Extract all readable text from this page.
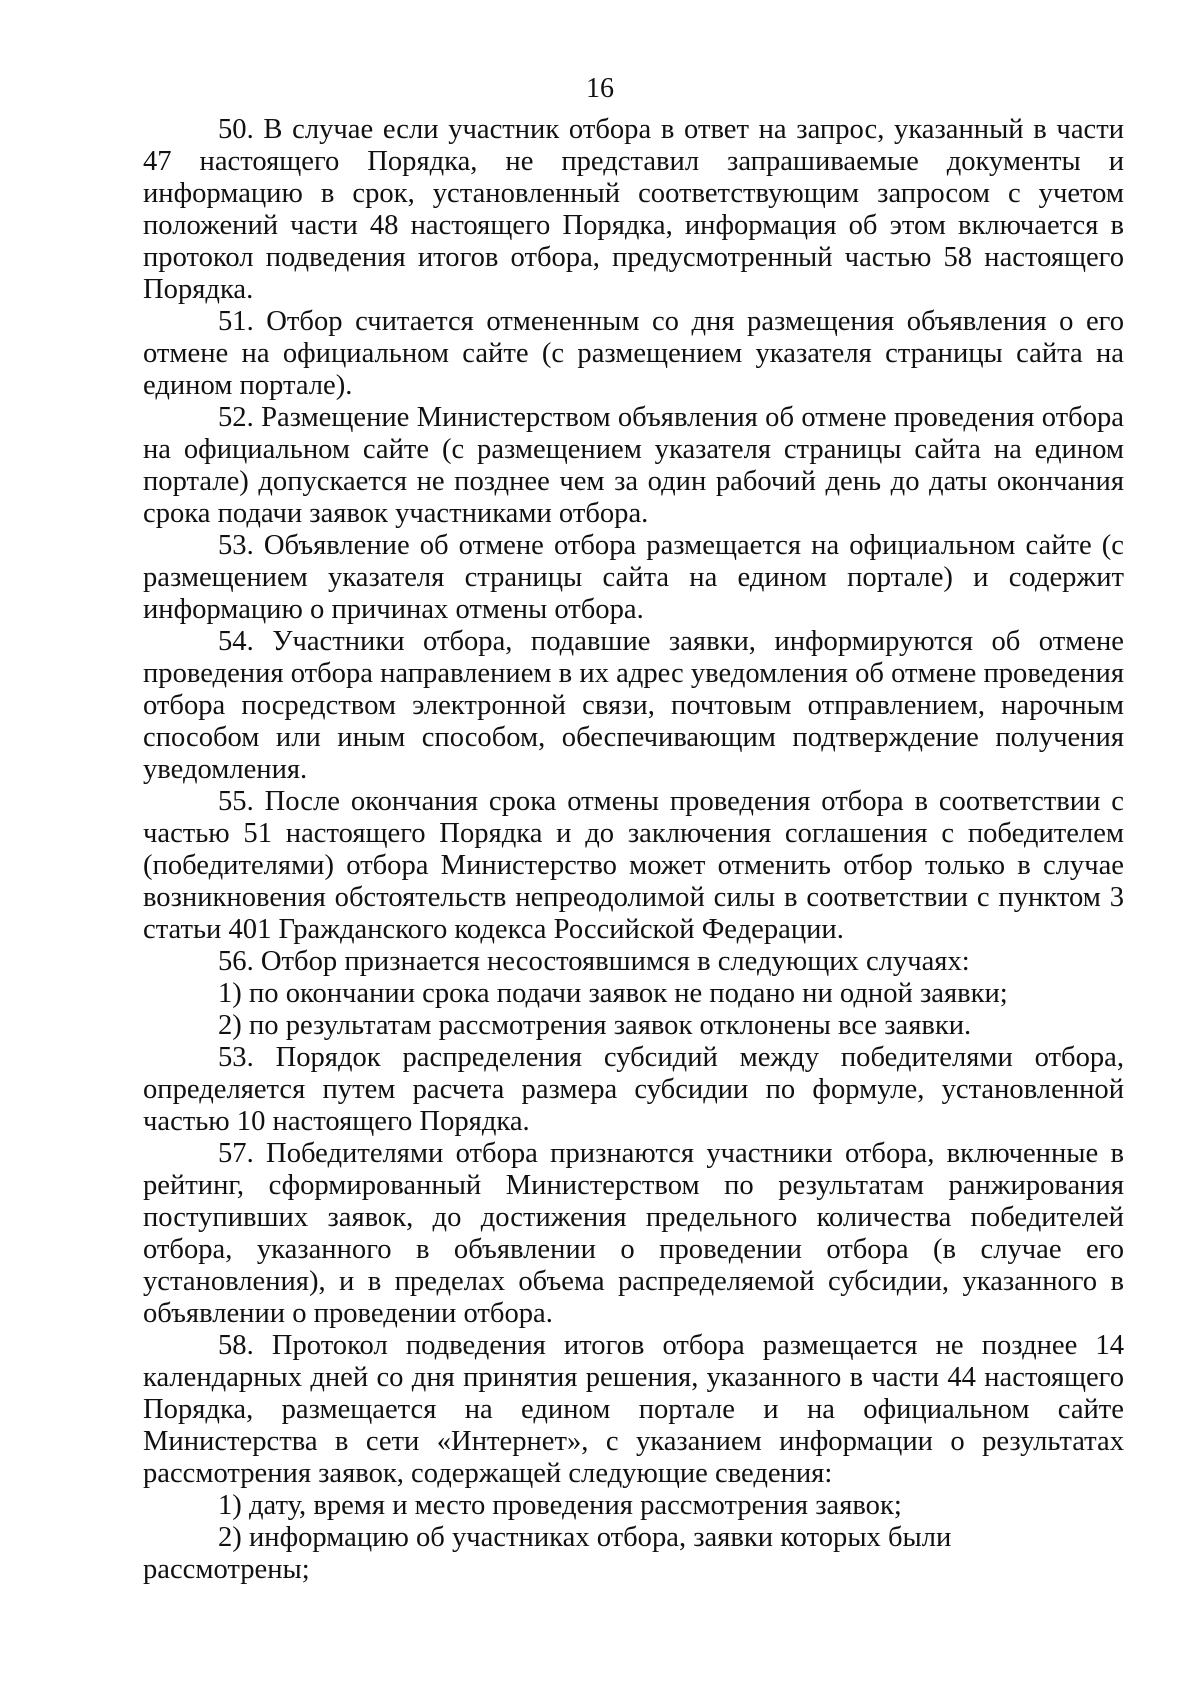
16

50. В случае если участник отбора в ответ на запрос, указанный в части 47 настоящего Порядка, не представил запрашиваемые документы и информацию в срок, установленный соответствующим запросом с учетом положений части 48 настоящего Порядка, информация об этом включается в протокол подведения итогов отбора, предусмотренный частью 58 настоящего Порядка.

51. Отбор считается отмененным со дня размещения объявления о его отмене на официальном сайте (с размещением указателя страницы сайта на едином портале).

52. Размещение Министерством объявления об отмене проведения отбора на официальном сайте (с размещением указателя страницы сайта на едином портале) допускается не позднее чем за один рабочий день до даты окончания срока подачи заявок участниками отбора.

53. Объявление об отмене отбора размещается на официальном сайте (с размещением указателя страницы сайта на едином портале) и содержит информацию о причинах отмены отбора.

54. Участники отбора, подавшие заявки, информируются об отмене проведения отбора направлением в их адрес уведомления об отмене проведения отбора посредством электронной связи, почтовым отправлением, нарочным способом или иным способом, обеспечивающим подтверждение получения уведомления.

55. После окончания срока отмены проведения отбора в соответствии с частью 51 настоящего Порядка и до заключения соглашения с победителем (победителями) отбора Министерство может отменить отбор только в случае возникновения обстоятельств непреодолимой силы в соответствии с пунктом 3 статьи 401 Гражданского кодекса Российской Федерации.

56. Отбор признается несостоявшимся в следующих случаях:

1) по окончании срока подачи заявок не подано ни одной заявки;

2) по результатам рассмотрения заявок отклонены все заявки.

53. Порядок распределения субсидий между победителями отбора, определяется путем расчета размера субсидии по формуле, установленной частью 10 настоящего Порядка.

57. Победителями отбора признаются участники отбора, включенные в рейтинг, сформированный Министерством по результатам ранжирования поступивших заявок, до достижения предельного количества победителей отбора, указанного в объявлении о проведении отбора (в случае его установления), и в пределах объема распределяемой субсидии, указанного в объявлении о проведении отбора.

58. Протокол подведения итогов отбора размещается не позднее 14 календарных дней со дня принятия решения, указанного в части 44 настоящего Порядка, размещается на едином портале и на официальном сайте Министерства в сети «Интернет», с указанием информации о результатах рассмотрения заявок, содержащей следующие сведения:

1) дату, время и место проведения рассмотрения заявок;

2) информацию об участниках отбора, заявки которых были рассмотрены;
